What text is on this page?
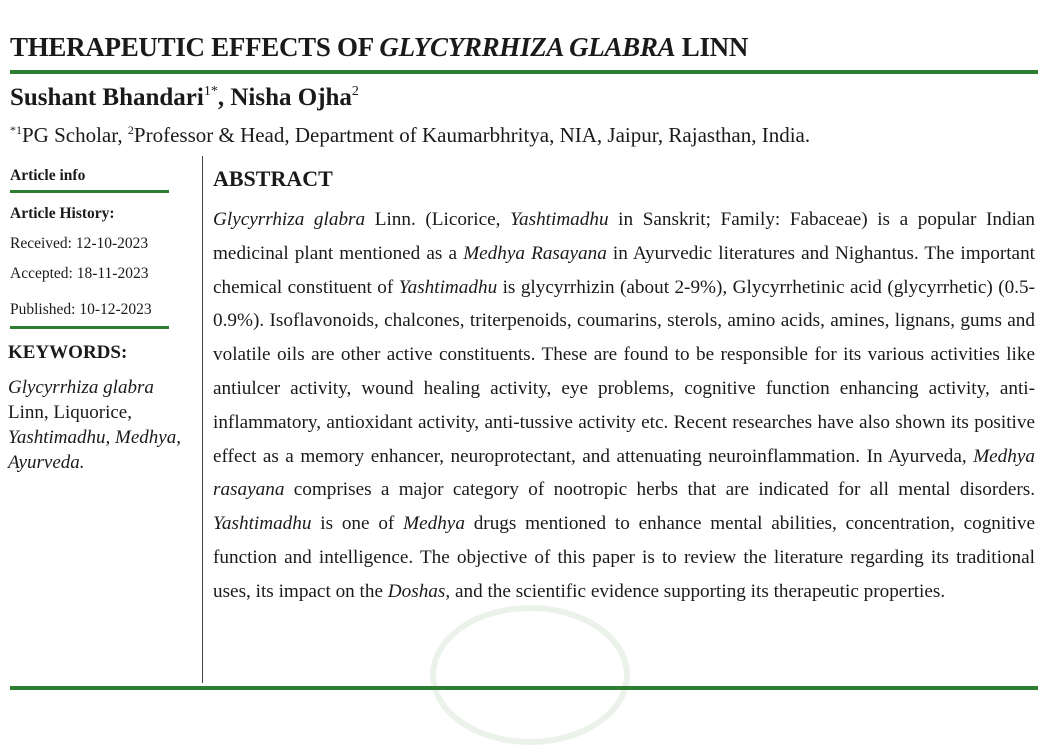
THERAPEUTIC EFFECTS OF GLYCYRRHIZA GLABRA LINN
Sushant Bhandari$^{1*}$, Nisha Ojha$^2$
$^{*1}$PG Scholar, $^2$Professor & Head, Department of Kaumarbhritya, NIA, Jaipur, Rajasthan, India.
Article info
Article History:
Received: 12-10-2023
Accepted: 18-11-2023
Published: 10-12-2023
KEYWORDS:
Glycyrrhiza glabra Linn, Liquorice, Yashtimadhu, Medhya, Ayurveda.
ABSTRACT
Glycyrrhiza glabra Linn. (Licorice, Yashtimadhu in Sanskrit; Family: Fabaceae) is a popular Indian medicinal plant mentioned as a Medhya Rasayana in Ayurvedic literatures and Nighantus. The important chemical constituent of Yashtimadhu is glycyrrhizin (about 2-9%), Glycyrrhetinic acid (glycyrrhetic) (0.5-0.9%). Isoflavonoids, chalcones, triterpenoids, coumarins, sterols, amino acids, amines, lignans, gums and volatile oils are other active constituents. These are found to be responsible for its various activities like antiulcer activity, wound healing activity, eye problems, cognitive function enhancing activity, anti-inflammatory, antioxidant activity, anti-tussive activity etc. Recent researches have also shown its positive effect as a memory enhancer, neuroprotectant, and attenuating neuroinflammation. In Ayurveda, Medhya rasayana comprises a major category of nootropic herbs that are indicated for all mental disorders. Yashtimadhu is one of Medhya drugs mentioned to enhance mental abilities, concentration, cognitive function and intelligence. The objective of this paper is to review the literature regarding its traditional uses, its impact on the Doshas, and the scientific evidence supporting its therapeutic properties.
